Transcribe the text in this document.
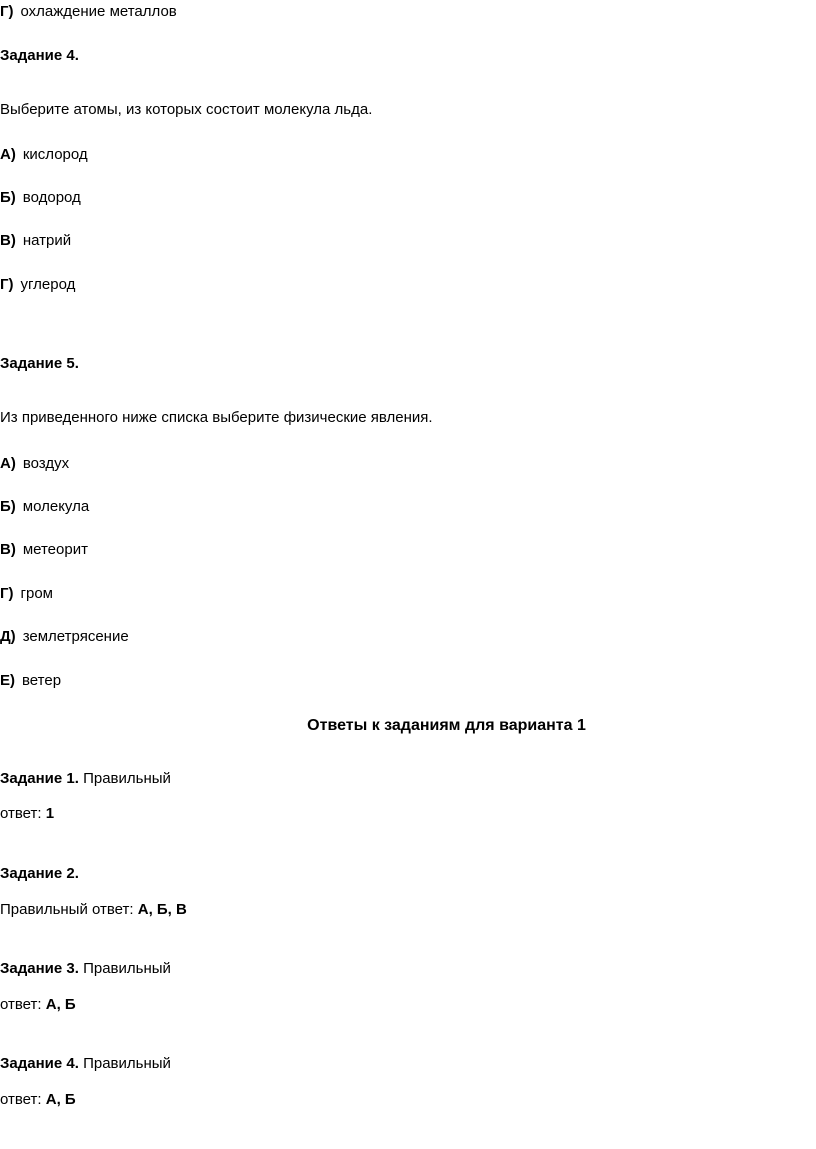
Г) охлаждение металлов
Задание 4.
Выберите атомы, из которых состоит молекула льда.
А) кислород
Б) водород
В) натрий
Г) углерод
Задание 5.
Из приведенного ниже списка выберите физические явления.
А) воздух
Б) молекула
В) метеорит
Г) гром
Д) землетрясение
Е) ветер
Ответы к заданиям для варианта 1
Задание 1. Правильный
ответ: 1
Задание 2.
Правильный ответ: А, Б, В
Задание 3. Правильный
ответ: А, Б
Задание 4. Правильный
ответ: А, Б
